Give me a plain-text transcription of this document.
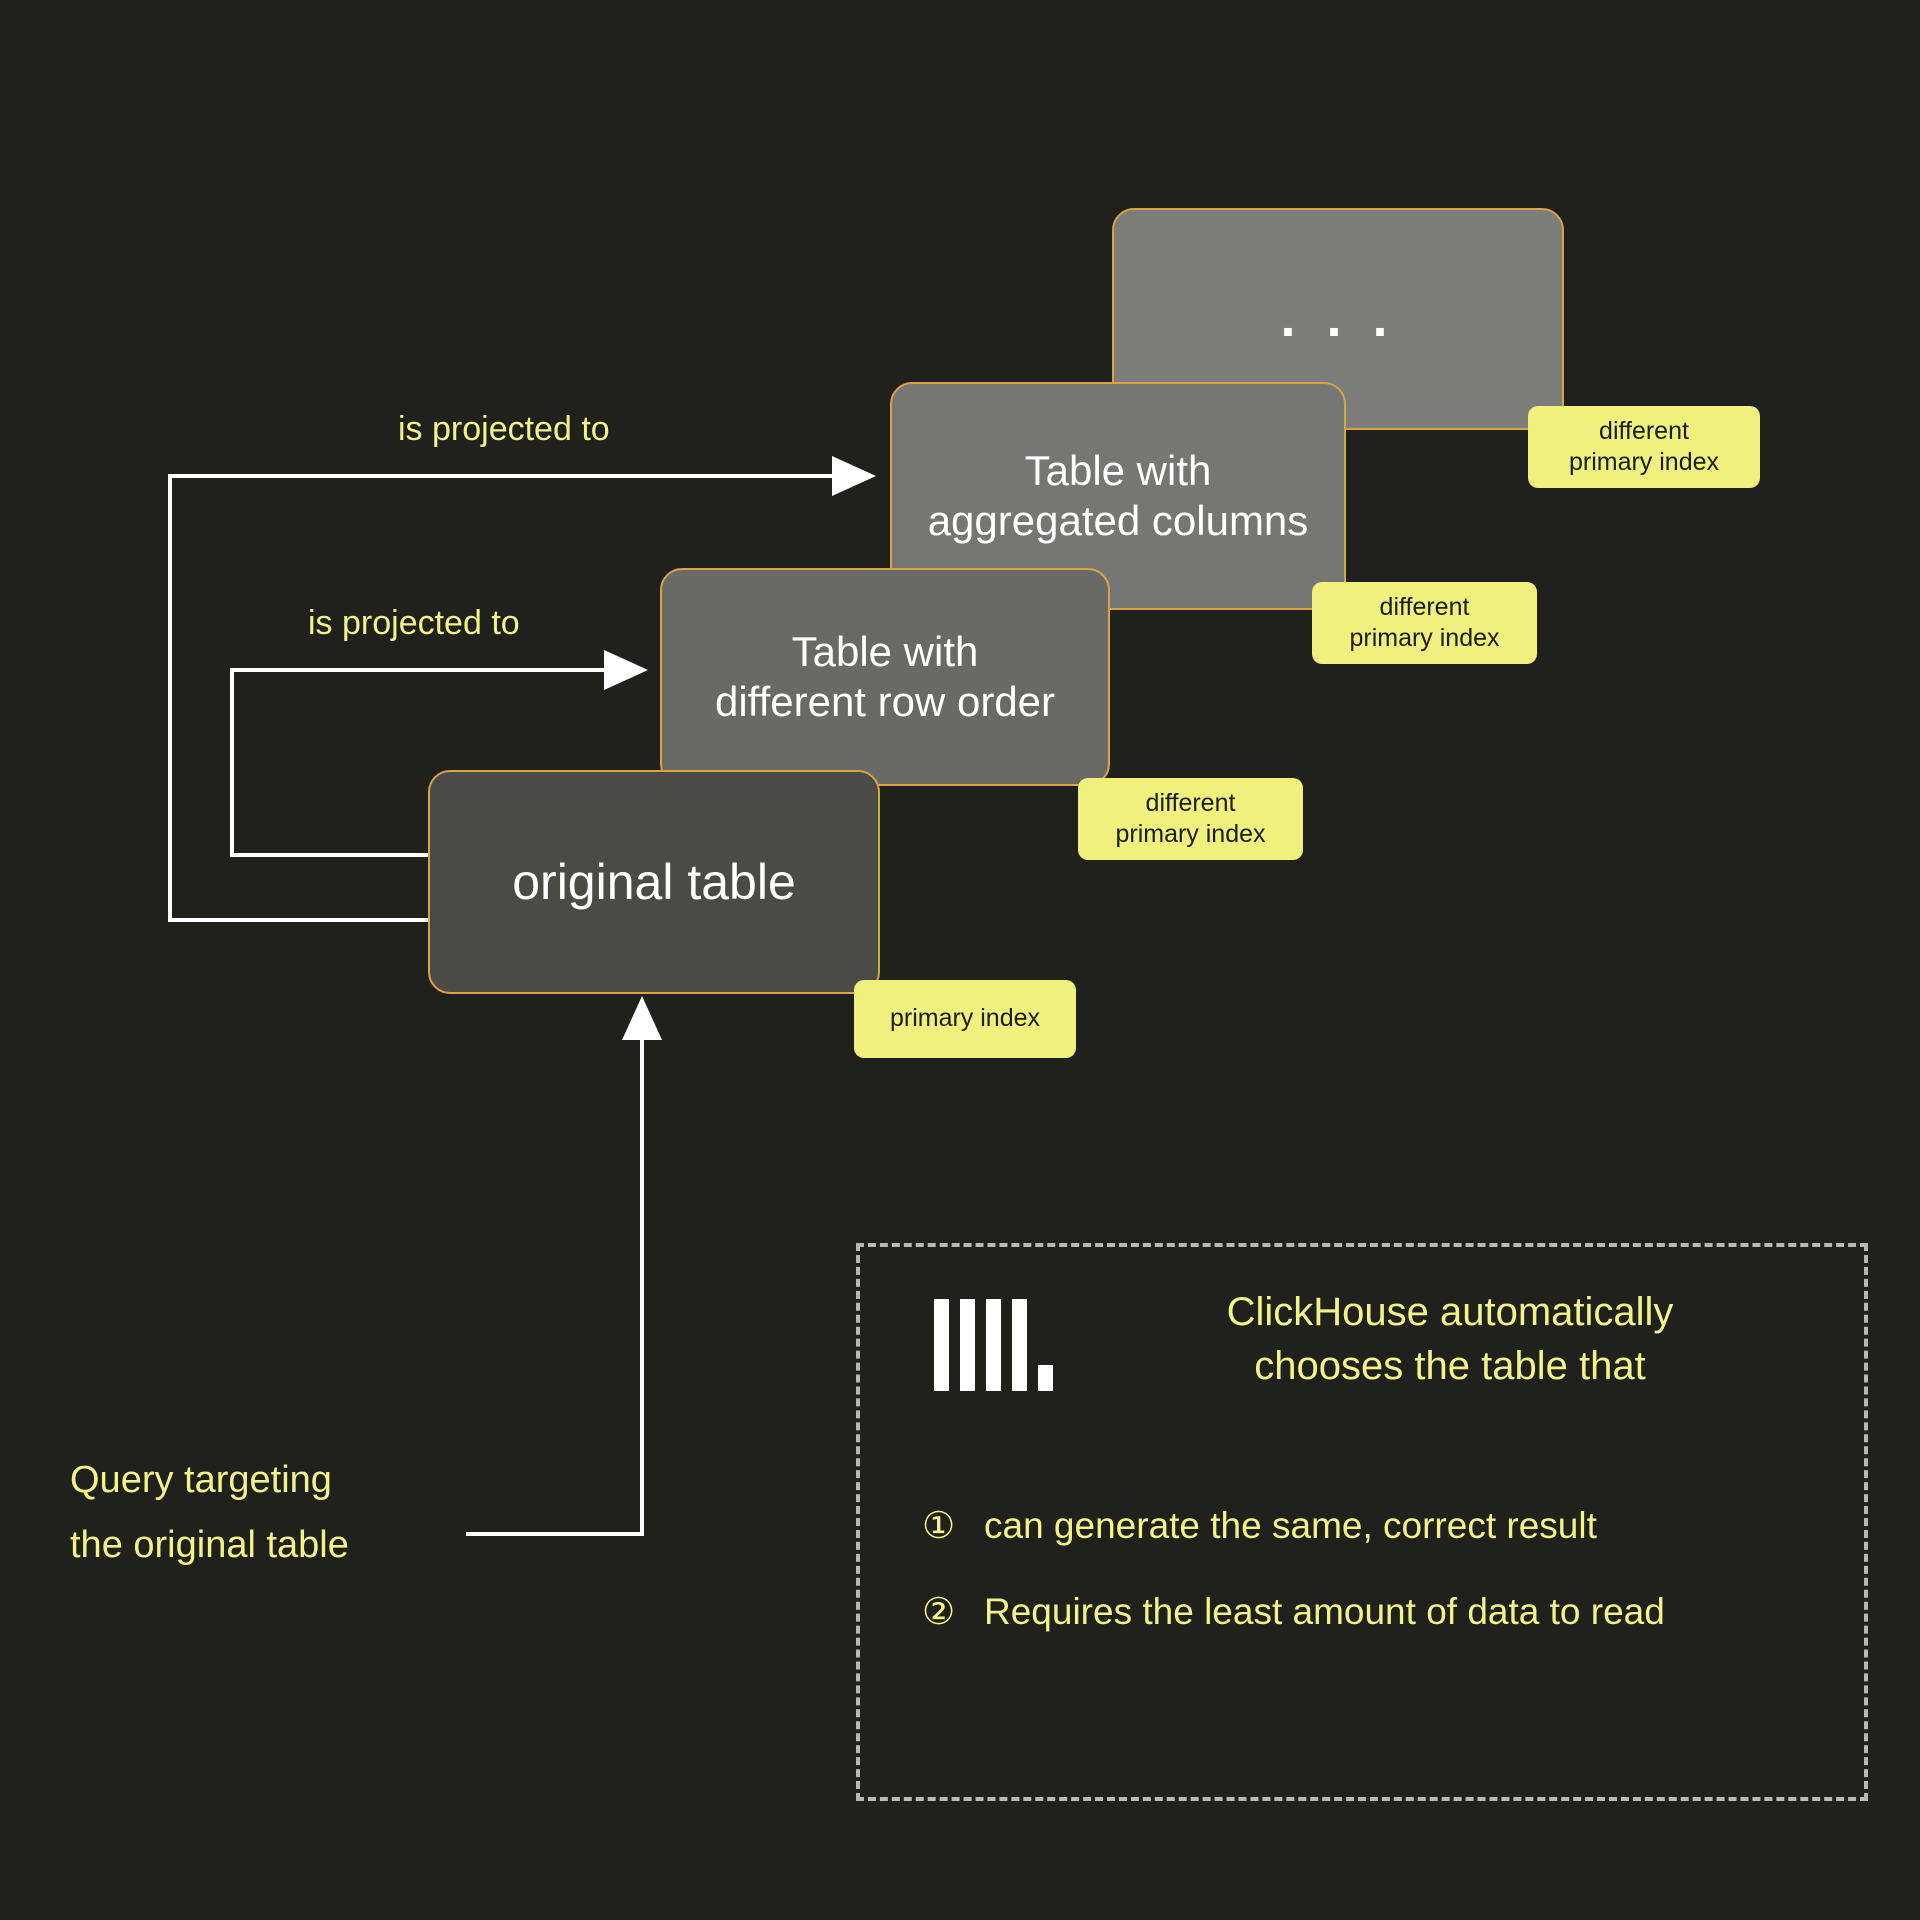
. . .
Table with
aggregated columns
Table with
different row order
original table
different
primary index
different
primary index
different
primary index
primary index
is projected to
is projected to
Query targeting
the original table
ClickHouse automatically
chooses the table that
① can generate the same, correct result
② Requires the least amount of data to read
